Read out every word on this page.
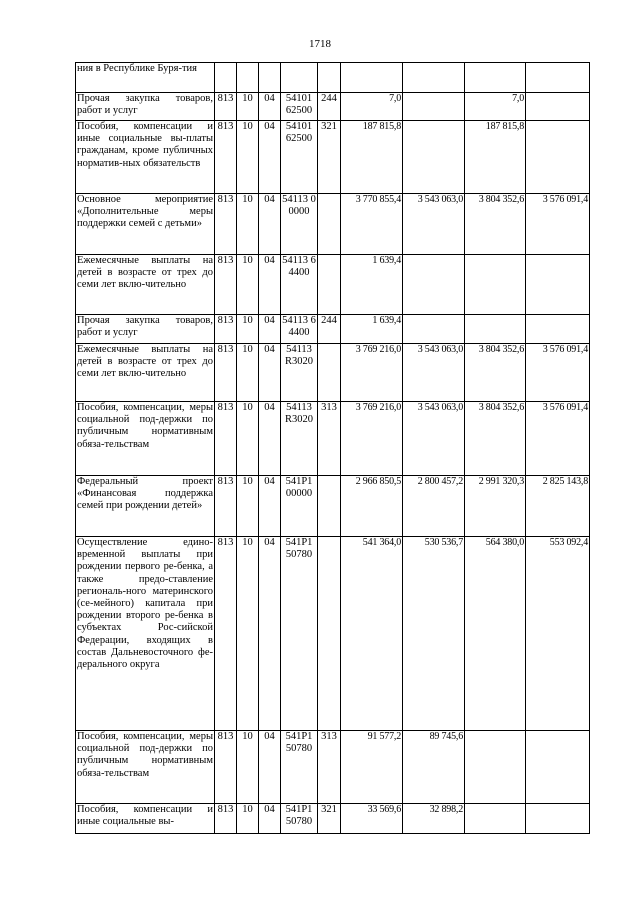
1718
ния в Республике Буря-тия									
Прочая закупка товаров, работ и услуг	813	10	04	54101 62500	244	7,0		7,0	
Пособия, компенсации и иные социальные вы-платы гражданам, кроме публичных норматив-ных обязательств	813	10	04	54101 62500	321	187 815,8		187 815,8	
Основное мероприятие «Дополнительные меры поддержки семей с детьми»	813	10	04	54113 00000		3 770 855,4	3 543 063,0	3 804 352,6	3 576 091,4
Ежемесячные выплаты на детей в возрасте от трех до семи лет вклю-чительно	813	10	04	54113 64400		1 639,4			
Прочая закупка товаров, работ и услуг	813	10	04	54113 64400	244	1 639,4			
Ежемесячные выплаты на детей в возрасте от трех до семи лет вклю-чительно	813	10	04	54113 R3020		3 769 216,0	3 543 063,0	3 804 352,6	3 576 091,4
Пособия, компенсации, меры социальной под-держки по публичным нормативным обяза-тельствам	813	10	04	54113 R3020	313	3 769 216,0	3 543 063,0	3 804 352,6	3 576 091,4
Федеральный проект «Финансовая поддержка семей при рождении детей»	813	10	04	541P1 00000		2 966 850,5	2 800 457,2	2 991 320,3	2 825 143,8
Осуществление едино-временной выплаты при рождении первого ре-бенка, а также предо-ставление региональ-ного материнского (се-мейного) капитала при рождении второго ре-бенка в субъектах Рос-сийской Федерации, входящих в состав Дальневосточного фе-дерального округа	813	10	04	541P1 50780		541 364,0	530 536,7	564 380,0	553 092,4
Пособия, компенсации, меры социальной под-держки по публичным нормативным обяза-тельствам	813	10	04	541P1 50780	313	91 577,2	89 745,6		
Пособия, компенсации и иные социальные вы-	813	10	04	541P1 50780	321	33 569,6	32 898,2		
